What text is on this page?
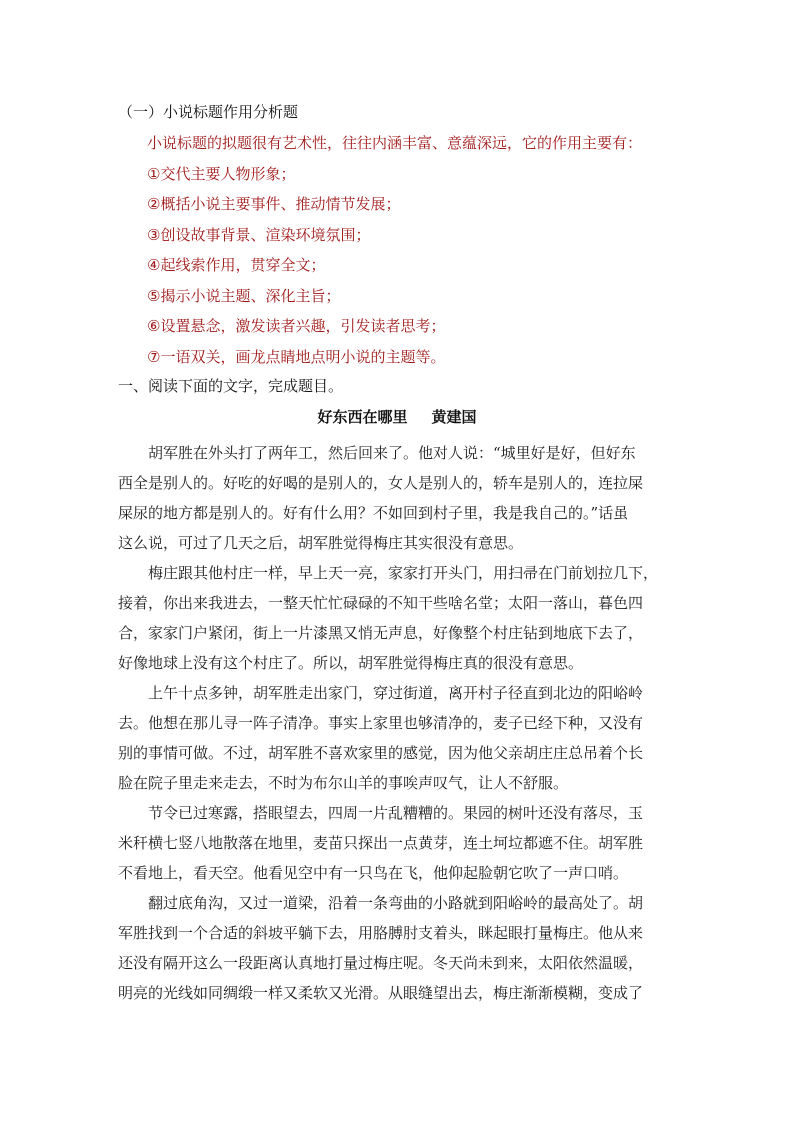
（一）小说标题作用分析题
小说标题的拟题很有艺术性，往往内涵丰富、意蕴深远，它的作用主要有：
①交代主要人物形象；
②概括小说主要事件、推动情节发展；
③创设故事背景、渲染环境氛围；
④起线索作用，贯穿全文；
⑤揭示小说主题、深化主旨；
⑥设置悬念，激发读者兴趣，引发读者思考；
⑦一语双关，画龙点睛地点明小说的主题等。
一、阅读下面的文字，完成题目。
好东西在哪里 黄建国
胡军胜在外头打了两年工，然后回来了。他对人说：“城里好是好，但好东
西全是别人的。好吃的好喝的是别人的，女人是别人的，轿车是别人的，连拉屎
屎尿的地方都是别人的。好有什么用？不如回到村子里，我是我自己的。”话虽
这么说，可过了几天之后，胡军胜觉得梅庄其实很没有意思。
梅庄跟其他村庄一样，早上天一亮，家家打开头门，用扫帚在门前划拉几下，
接着，你出来我进去，一整天忙忙碌碌的不知干些啥名堂；太阳一落山，暮色四
合，家家门户紧闭，街上一片漆黑又悄无声息，好像整个村庄钻到地底下去了，
好像地球上没有这个村庄了。所以，胡军胜觉得梅庄真的很没有意思。
上午十点多钟，胡军胜走出家门，穿过街道，离开村子径直到北边的阳峪岭
去。他想在那儿寻一阵子清净。事实上家里也够清净的，麦子已经下种，又没有
别的事情可做。不过，胡军胜不喜欢家里的感觉，因为他父亲胡庄庄总吊着个长
脸在院子里走来走去，不时为布尔山羊的事唉声叹气，让人不舒服。
节令已过寒露，搭眼望去，四周一片乱糟糟的。果园的树叶还没有落尽，玉
米秆横七竖八地散落在地里，麦苗只探出一点黄芽，连土坷垃都遮不住。胡军胜
不看地上，看天空。他看见空中有一只鸟在飞，他仰起脸朝它吹了一声口哨。
翻过底角沟，又过一道梁，沿着一条弯曲的小路就到阳峪岭的最高处了。胡
军胜找到一个合适的斜坡平躺下去，用胳膊肘支着头，眯起眼打量梅庄。他从来
还没有隔开这么一段距离认真地打量过梅庄呢。冬天尚未到来，太阳依然温暖，
明亮的光线如同绸缎一样又柔软又光滑。从眼缝望出去，梅庄渐渐模糊，变成了
